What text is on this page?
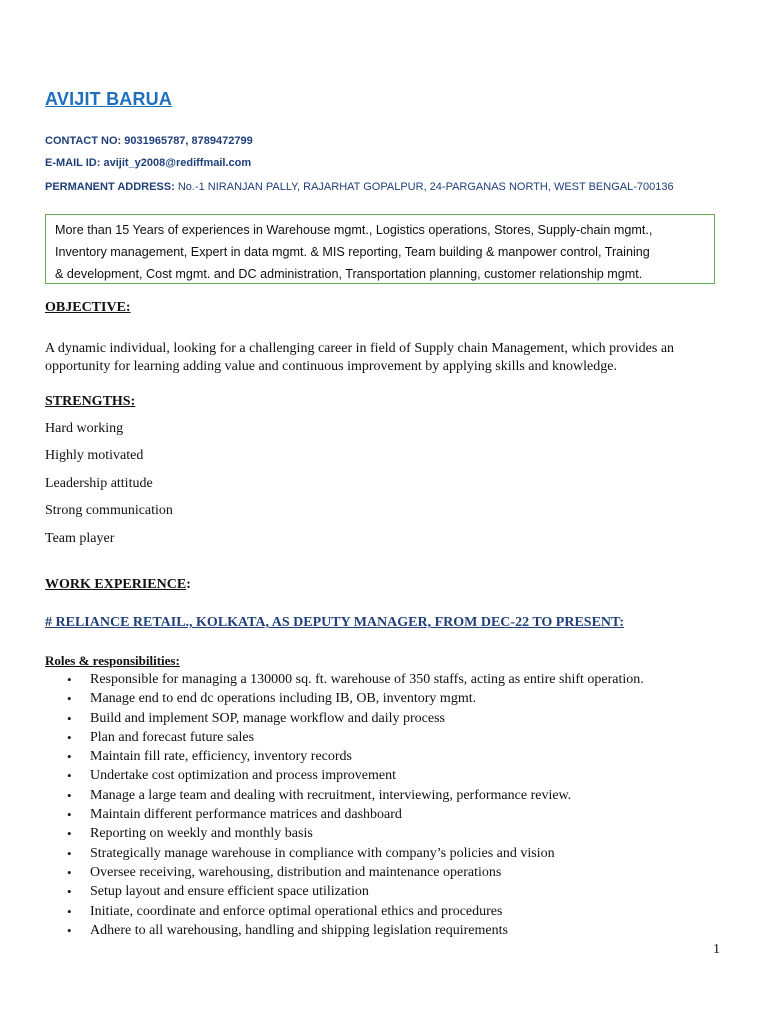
AVIJIT BARUA
CONTACT NO: 9031965787, 8789472799
E-MAIL ID: avijit_y2008@rediffmail.com
PERMANENT ADDRESS: No.-1 NIRANJAN PALLY, RAJARHAT GOPALPUR, 24-PARGANAS NORTH, WEST BENGAL-700136
More than 15 Years of experiences in Warehouse mgmt., Logistics operations, Stores, Supply-chain mgmt.,
Inventory management, Expert in data mgmt. & MIS reporting, Team building & manpower control, Training
& development, Cost mgmt. and DC administration, Transportation planning, customer relationship mgmt.
OBJECTIVE:
A dynamic individual, looking for a challenging career in field of Supply chain Management, which provides an opportunity for learning adding value and continuous improvement by applying skills and knowledge.
STRENGTHS:
Hard working
Highly motivated
Leadership attitude
Strong communication
Team player
WORK EXPERIENCE:
# RELIANCE RETAIL., KOLKATA, AS DEPUTY MANAGER, FROM DEC-22 TO PRESENT:
Roles & responsibilities:
• Responsible for managing a 130000 sq. ft. warehouse of 350 staffs, acting as entire shift operation.
• Manage end to end dc operations including IB, OB, inventory mgmt.
• Build and implement SOP, manage workflow and daily process
• Plan and forecast future sales
• Maintain fill rate, efficiency, inventory records
• Undertake cost optimization and process improvement
• Manage a large team and dealing with recruitment, interviewing, performance review.
• Maintain different performance matrices and dashboard
• Reporting on weekly and monthly basis
• Strategically manage warehouse in compliance with company’s policies and vision
• Oversee receiving, warehousing, distribution and maintenance operations
• Setup layout and ensure efficient space utilization
• Initiate, coordinate and enforce optimal operational ethics and procedures
• Adhere to all warehousing, handling and shipping legislation requirements
1
